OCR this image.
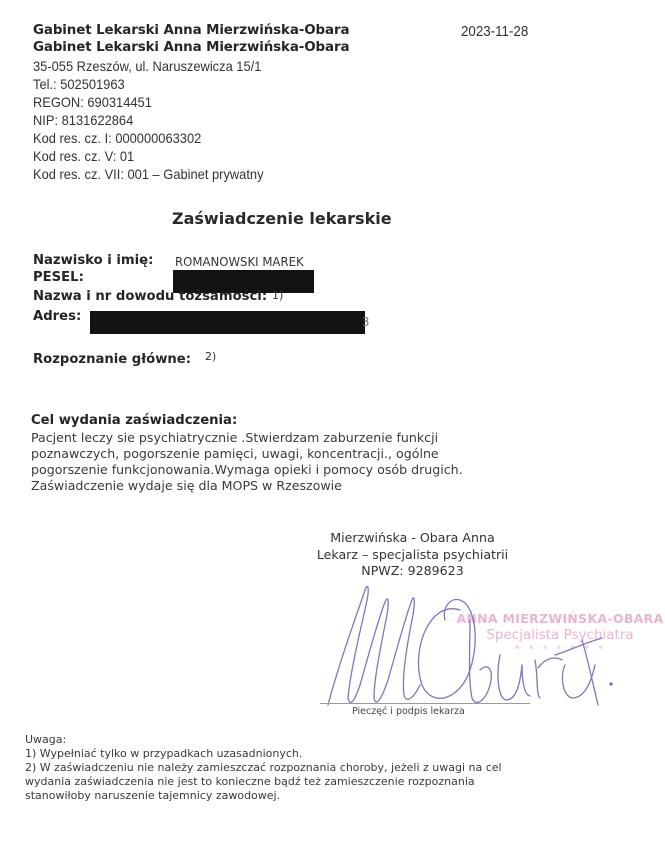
Gabinet Lekarski Anna Mierzwińska-Obara
Gabinet Lekarski Anna Mierzwińska-Obara
35-055 Rzeszów, ul. Naruszewicza 15/1
Tel.: 502501963
REGON: 690314451
NIP: 8131622864
Kod res. cz. I: 000000063302
Kod res. cz. V: 01
Kod res. cz. VII: 001 – Gabinet prywatny
2023-11-28
Zaświadczenie lekarskie
Nazwisko i imię: ROMANOWSKI MAREK
PESEL:
Nazwa i nr dowodu tożsamości: 1)
Adres:	3
Rozpoznanie główne: 2)
Cel wydania zaświadczenia:
Pacjent leczy sie psychiatrycznie .Stwierdzam zaburzenie funkcji
poznawczych, pogorszenie pamięci, uwagi, koncentracji., ogólne
pogorszenie funkcjonowania.Wymaga opieki i pomocy osób drugich.
Zaświadczenie wydaje się dla MOPS w Rzeszowie
Mierzwińska - Obara Anna
Lekarz – specjalista psychiatrii
NPWZ: 9289623
ANNA MIERZWIŃSKA-OBARA
Specjalista Psychiatra
• • • • • • •
Pieczęć i podpis lekarza
Uwaga:
1) Wypełniać tylko w przypadkach uzasadnionych.
2) W zaświadczeniu nie należy zamieszczać rozpoznania choroby, jeżeli z uwagi na cel
wydania zaświadczenia nie jest to konieczne bądź też zamieszczenie rozpoznania
stanowiłoby naruszenie tajemnicy zawodowej.
